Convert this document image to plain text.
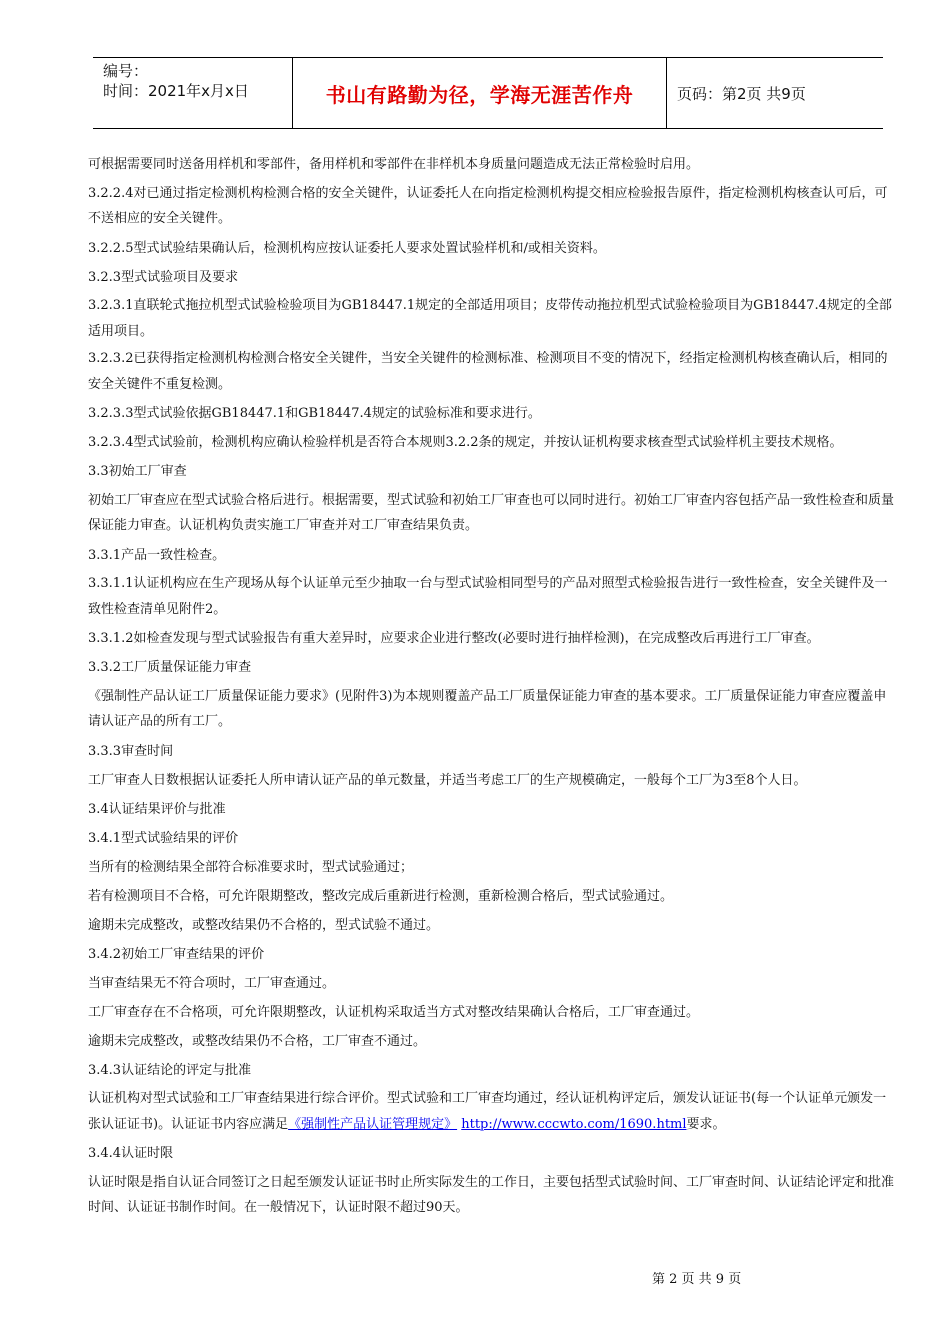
编号：
时间：2021年x月x日	书山有路勤为径，学海无涯苦作舟	页码：第2页 共9页

可根据需要同时送备用样机和零部件，备用样机和零部件在非样机本身质量问题造成无法正常检验时启用。

3.2.2.4对已通过指定检测机构检测合格的安全关键件，认证委托人在向指定检测机构提交相应检验报告原件，指定检测机构核查认可后，可不送相应的安全关键件。

3.2.2.5型式试验结果确认后，检测机构应按认证委托人要求处置试验样机和/或相关资料。

3.2.3型式试验项目及要求

3.2.3.1直联轮式拖拉机型式试验检验项目为GB18447.1规定的全部适用项目；皮带传动拖拉机型式试验检验项目为GB18447.4规定的全部适用项目。

3.2.3.2已获得指定检测机构检测合格安全关键件，当安全关键件的检测标准、检测项目不变的情况下，经指定检测机构核查确认后，相同的安全关键件不重复检测。

3.2.3.3型式试验依据GB18447.1和GB18447.4规定的试验标准和要求进行。

3.2.3.4型式试验前，检测机构应确认检验样机是否符合本规则3.2.2条的规定，并按认证机构要求核查型式试验样机主要技术规格。

3.3初始工厂审查

初始工厂审查应在型式试验合格后进行。根据需要，型式试验和初始工厂审查也可以同时进行。初始工厂审查内容包括产品一致性检查和质量保证能力审查。认证机构负责实施工厂审查并对工厂审查结果负责。

3.3.1产品一致性检查。

3.3.1.1认证机构应在生产现场从每个认证单元至少抽取一台与型式试验相同型号的产品对照型式检验报告进行一致性检查，安全关键件及一致性检查清单见附件2。

3.3.1.2如检查发现与型式试验报告有重大差异时，应要求企业进行整改(必要时进行抽样检测)，在完成整改后再进行工厂审查。

3.3.2工厂质量保证能力审查

《强制性产品认证工厂质量保证能力要求》(见附件3)为本规则覆盖产品工厂质量保证能力审查的基本要求。工厂质量保证能力审查应覆盖申请认证产品的所有工厂。

3.3.3审查时间

工厂审查人日数根据认证委托人所申请认证产品的单元数量，并适当考虑工厂的生产规模确定，一般每个工厂为3至8个人日。

3.4认证结果评价与批准

3.4.1型式试验结果的评价

当所有的检测结果全部符合标准要求时，型式试验通过；

若有检测项目不合格，可允许限期整改，整改完成后重新进行检测，重新检测合格后，型式试验通过。

逾期未完成整改，或整改结果仍不合格的，型式试验不通过。

3.4.2初始工厂审查结果的评价

当审查结果无不符合项时，工厂审查通过。

工厂审查存在不合格项，可允许限期整改，认证机构采取适当方式对整改结果确认合格后，工厂审查通过。

逾期未完成整改，或整改结果仍不合格，工厂审查不通过。

3.4.3认证结论的评定与批准

认证机构对型式试验和工厂审查结果进行综合评价。型式试验和工厂审查均通过，经认证机构评定后，颁发认证证书(每一个认证单元颁发一张认证证书)。认证证书内容应满足《强制性产品认证管理规定》 http://www.cccwto.com/1690.html要求。

3.4.4认证时限

认证时限是指自认证合同签订之日起至颁发认证证书时止所实际发生的工作日，主要包括型式试验时间、工厂审查时间、认证结论评定和批准时间、认证证书制作时间。在一般情况下，认证时限不超过90天。

第 2 页 共 9 页
